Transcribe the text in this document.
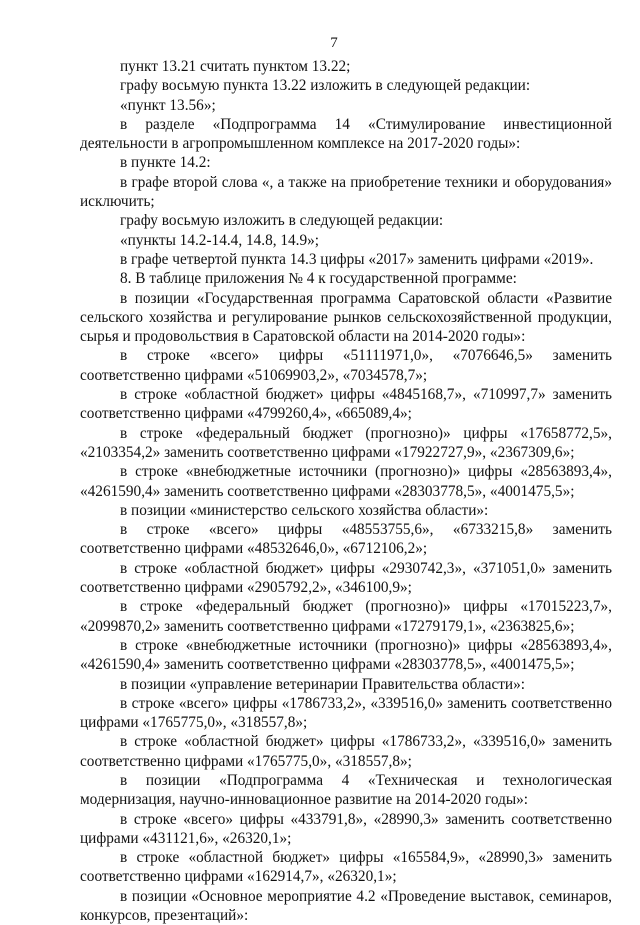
7

пункт 13.21 считать пунктом 13.22;

графу восьмую пункта 13.22 изложить в следующей редакции:

«пункт 13.56»;

в разделе «Подпрограмма 14 «Стимулирование инвестиционной деятельности в агропромышленном комплексе на 2017-2020 годы»:

в пункте 14.2:

в графе второй слова «, а также на приобретение техники и оборудования» исключить;

графу восьмую изложить в следующей редакции:

«пункты 14.2-14.4, 14.8, 14.9»;

в графе четвертой пункта 14.3 цифры «2017» заменить цифрами «2019».

8. В таблице приложения № 4 к государственной программе:

в позиции «Государственная программа Саратовской области «Развитие сельского хозяйства и регулирование рынков сельскохозяйственной продукции, сырья и продовольствия в Саратовской области на 2014-2020 годы»:

в строке «всего» цифры «51111971,0», «7076646,5» заменить соответственно цифрами «51069903,2», «7034578,7»;

в строке «областной бюджет» цифры «4845168,7», «710997,7» заменить соответственно цифрами «4799260,4», «665089,4»;

в строке «федеральный бюджет (прогнозно)» цифры «17658772,5», «2103354,2» заменить соответственно цифрами «17922727,9», «2367309,6»;

в строке «внебюджетные источники (прогнозно)» цифры «28563893,4», «4261590,4» заменить соответственно цифрами «28303778,5», «4001475,5»;

в позиции «министерство сельского хозяйства области»:

в строке «всего» цифры «48553755,6», «6733215,8» заменить соответственно цифрами «48532646,0», «6712106,2»;

в строке «областной бюджет» цифры «2930742,3», «371051,0» заменить соответственно цифрами «2905792,2», «346100,9»;

в строке «федеральный бюджет (прогнозно)» цифры «17015223,7», «2099870,2» заменить соответственно цифрами «17279179,1», «2363825,6»;

в строке «внебюджетные источники (прогнозно)» цифры «28563893,4», «4261590,4» заменить соответственно цифрами «28303778,5», «4001475,5»;

в позиции «управление ветеринарии Правительства области»:

в строке «всего» цифры «1786733,2», «339516,0» заменить соответственно цифрами «1765775,0», «318557,8»;

в строке «областной бюджет» цифры «1786733,2», «339516,0» заменить соответственно цифрами «1765775,0», «318557,8»;

в позиции «Подпрограмма 4 «Техническая и технологическая модернизация, научно-инновационное развитие на 2014-2020 годы»:

в строке «всего» цифры «433791,8», «28990,3» заменить соответственно цифрами «431121,6», «26320,1»;

в строке «областной бюджет» цифры «165584,9», «28990,3» заменить соответственно цифрами «162914,7», «26320,1»;

в позиции «Основное мероприятие 4.2 «Проведение выставок, семинаров, конкурсов, презентаций»:
